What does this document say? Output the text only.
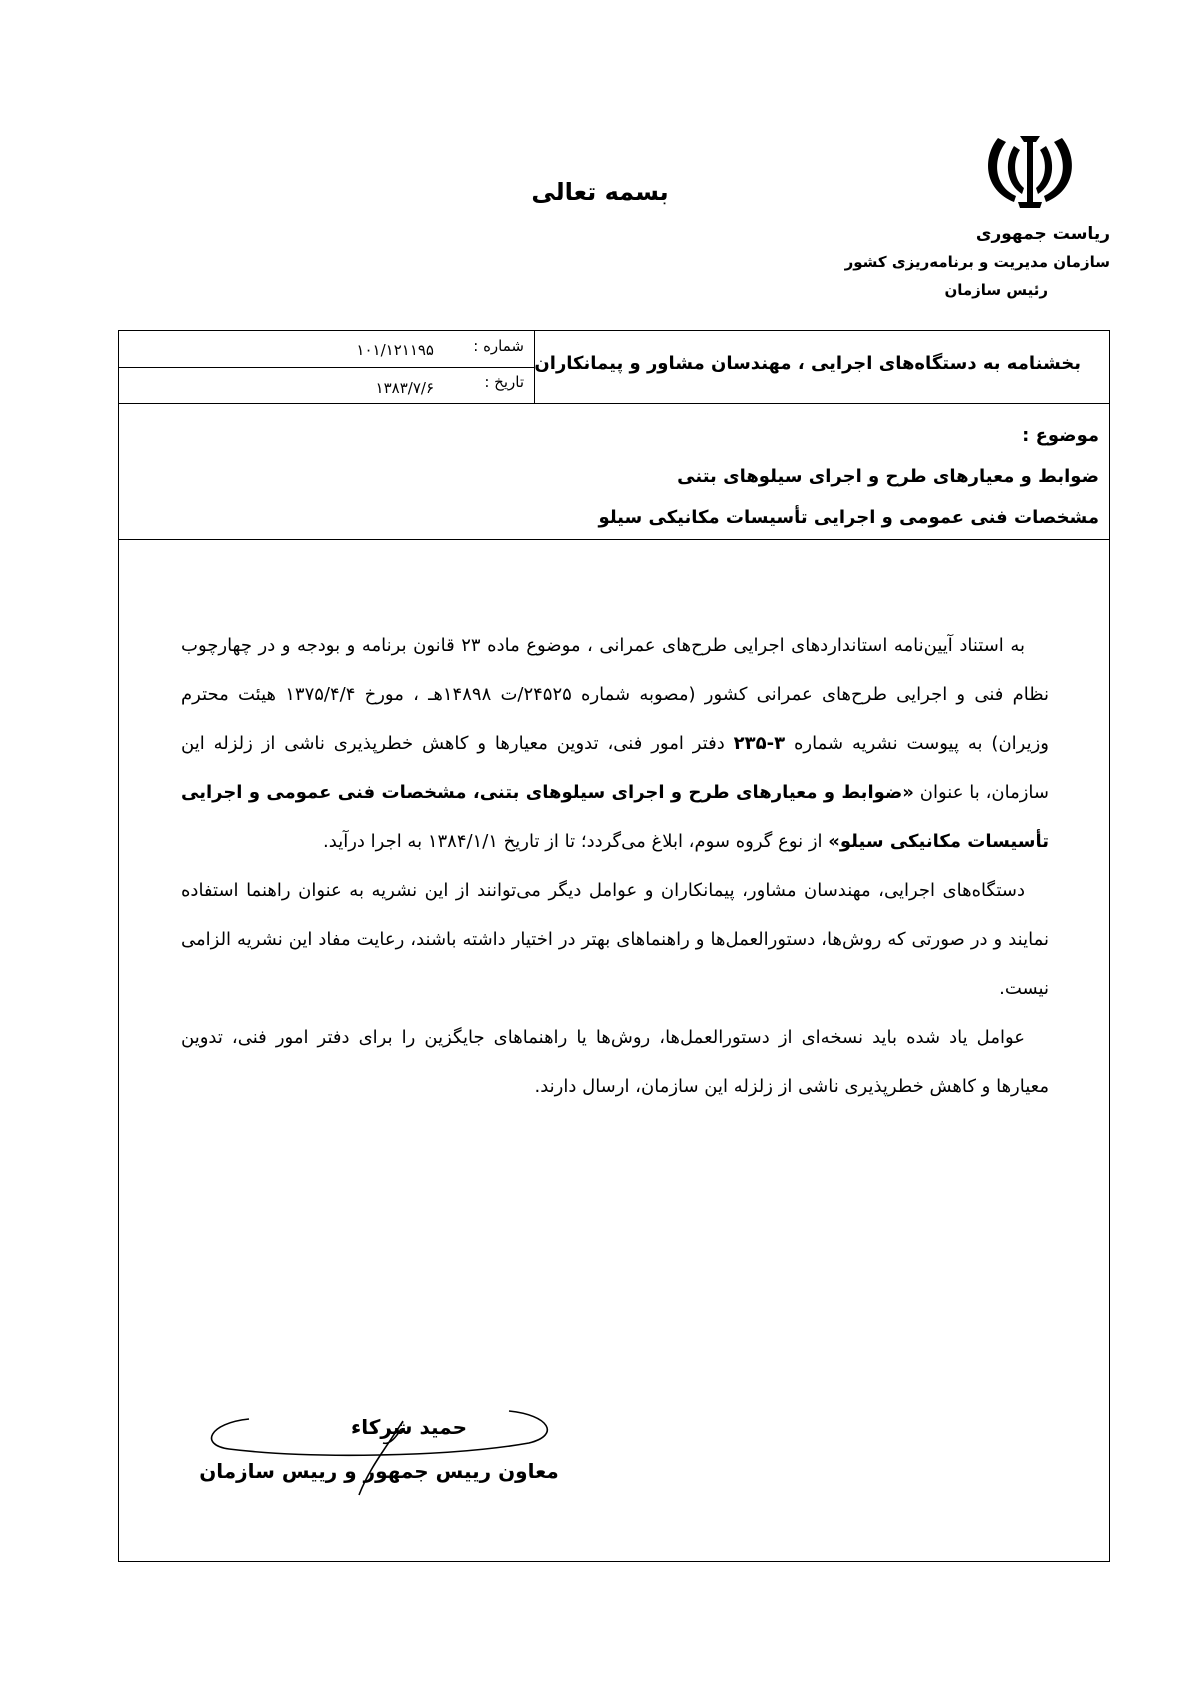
بسمه تعالی
ریاست جمهوری
سازمان مدیریت و برنامه‌ریزی کشور
رئیس سازمان
شماره :
۱۰۱/۱۲۱۱۹۵
تاریخ :
۱۳۸۳/۷/۶
بخشنامه به دستگاه‌های اجرایی ، مهندسان مشاور و پیمانکاران
موضوع :
ضوابط و معیارهای طرح و اجرای سیلوهای بتنی
مشخصات فنی عمومی و اجرایی تأسیسات مکانیکی سیلو

به استناد آیین‌نامه استانداردهای اجرایی طرح‌های عمرانی ، موضوع ماده ۲۳ قانون برنامه و بودجه و در چهارچوب نظام فنی و اجرایی طرح‌های عمرانی کشور (مصوبه شماره ۲۴۵۲۵/ت ۱۴۸۹۸هـ ، مورخ ۱۳۷۵/۴/۴ هیئت محترم وزیران) به پیوست نشریه شماره ۳-۲۳۵ دفتر امور فنی، تدوین معیارها و کاهش خطرپذیری ناشی از زلزله این سازمان، با عنوان «ضوابط و معیارهای طرح و اجرای سیلوهای بتنی، مشخصات فنی عمومی و اجرایی تأسیسات مکانیکی سیلو» از نوع گروه سوم، ابلاغ می‌گردد؛ تا از تاریخ ۱۳۸۴/۱/۱ به اجرا درآید.

دستگاه‌های اجرایی، مهندسان مشاور، پیمانکاران و عوامل دیگر می‌توانند از این نشریه به عنوان راهنما استفاده نمایند و در صورتی که روش‌ها، دستورالعمل‌ها و راهنماهای بهتر در اختیار داشته باشند، رعایت مفاد این نشریه الزامی نیست.

عوامل یاد شده باید نسخه‌ای از دستورالعمل‌ها، روش‌ها یا راهنماهای جایگزین را برای دفتر امور فنی، تدوین معیارها و کاهش خطرپذیری ناشی از زلزله این سازمان، ارسال دارند.

حمید شرکاء
معاون رییس جمهور و رییس سازمان
